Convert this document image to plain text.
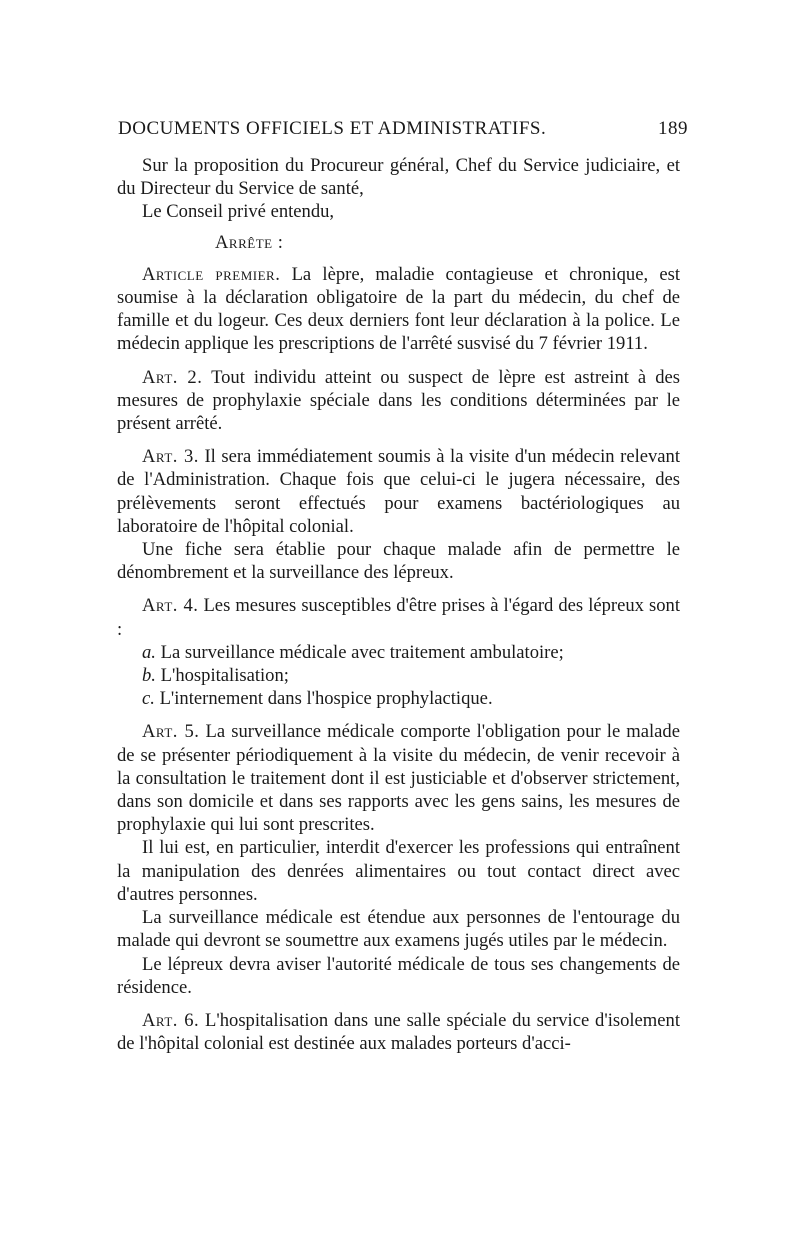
DOCUMENTS OFFICIELS ET ADMINISTRATIFS.	189

Sur la proposition du Procureur général, Chef du Service judiciaire, et du Directeur du Service de santé,

Le Conseil privé entendu,

Arrête :

Article premier. La lèpre, maladie contagieuse et chronique, est soumise à la déclaration obligatoire de la part du médecin, du chef de famille et du logeur. Ces deux derniers font leur déclaration à la police. Le médecin applique les prescriptions de l'arrêté susvisé du 7 février 1911.

Art. 2. Tout individu atteint ou suspect de lèpre est astreint à des mesures de prophylaxie spéciale dans les conditions déterminées par le présent arrêté.

Art. 3. Il sera immédiatement soumis à la visite d'un médecin relevant de l'Administration. Chaque fois que celui-ci le jugera nécessaire, des prélèvements seront effectués pour examens bactériologiques au laboratoire de l'hôpital colonial.

Une fiche sera établie pour chaque malade afin de permettre le dénombrement et la surveillance des lépreux.

Art. 4. Les mesures susceptibles d'être prises à l'égard des lépreux sont :

a. La surveillance médicale avec traitement ambulatoire;

b. L'hospitalisation;

c. L'internement dans l'hospice prophylactique.

Art. 5. La surveillance médicale comporte l'obligation pour le malade de se présenter périodiquement à la visite du médecin, de venir recevoir à la consultation le traitement dont il est justiciable et d'observer strictement, dans son domicile et dans ses rapports avec les gens sains, les mesures de prophylaxie qui lui sont prescrites.

Il lui est, en particulier, interdit d'exercer les professions qui entraînent la manipulation des denrées alimentaires ou tout contact direct avec d'autres personnes.

La surveillance médicale est étendue aux personnes de l'entourage du malade qui devront se soumettre aux examens jugés utiles par le médecin.

Le lépreux devra aviser l'autorité médicale de tous ses changements de résidence.

Art. 6. L'hospitalisation dans une salle spéciale du service d'isolement de l'hôpital colonial est destinée aux malades porteurs d'acci-
